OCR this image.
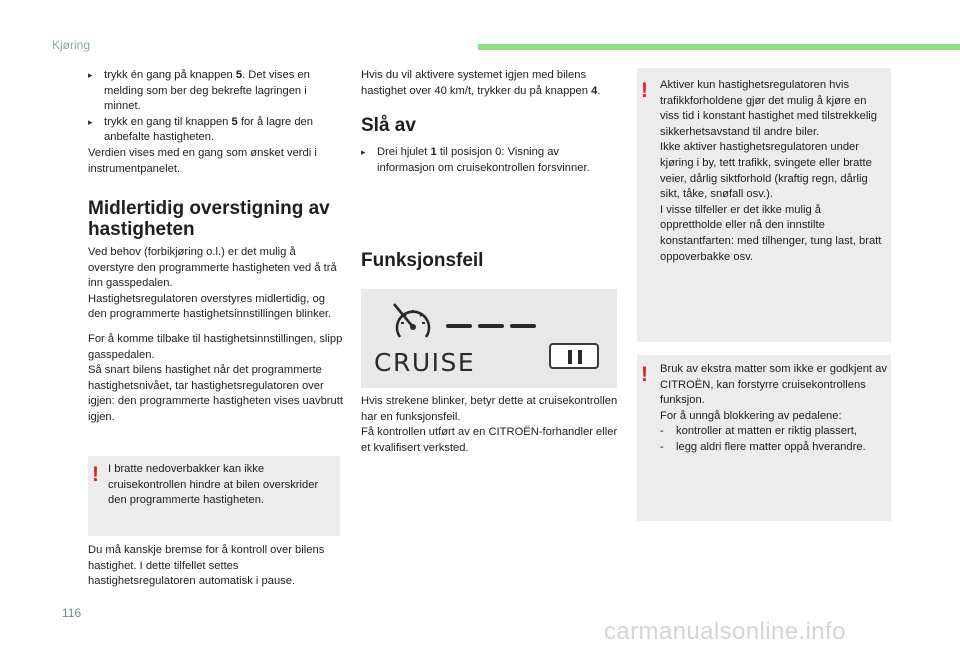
Kjøring
116
carmanualsonline.info
▸	trykk én gang på knappen 5. Det vises en melding som ber deg bekrefte lagringen i minnet.
▸	trykk en gang til knappen 5 for å lagre den anbefalte hastigheten.

Verdien vises med en gang som ønsket verdi i instrumentpanelet.

Midlertidig overstigning av hastigheten

Ved behov (forbikjøring o.l.) er det mulig å overstyre den programmerte hastigheten ved å trå inn gasspedalen.

Hastighetsregulatoren overstyres midlertidig, og den programmerte hastighetsinnstillingen blinker.

For å komme tilbake til hastighetsinnstillingen, slipp gasspedalen.

Så snart bilens hastighet når det programmerte hastighetsnivået, tar hastighetsregulatoren over igjen: den programmerte hastigheten vises uavbrutt igjen.

! I bratte nedoverbakker kan ikke cruisekontrollen hindre at bilen overskrider den programmerte hastigheten.
Du må kanskje bremse for å kontroll over bilens hastighet. I dette tilfellet settes hastighetsregulatoren automatisk i pause.
Hvis du vil aktivere systemet igjen med bilens hastighet over 40 km/t, trykker du på knappen 4.
Slå av
▸	Drei hjulet 1 til posisjon 0: Visning av informasjon om cruisekontrollen forsvinner.
Funksjonsfeil
CRUISE

Hvis strekene blinker, betyr dette at cruisekontrollen har en funksjonsfeil.

Få kontrollen utført av en CITROËN-forhandler eller et kvalifisert verksted.

! Aktiver kun hastighetsregulatoren hvis trafikkforholdene gjør det mulig å kjøre en viss tid i konstant hastighet med tilstrekkelig sikkerhetsavstand til andre biler.

Ikke aktiver hastighetsregulatoren under kjøring i by, tett trafikk, svingete eller bratte veier, dårlig siktforhold (kraftig regn, dårlig sikt, tåke, snøfall osv.).

I visse tilfeller er det ikke mulig å opprettholde eller nå den innstilte konstantfarten: med tilhenger, tung last, bratt oppoverbakke osv.

! Bruk av ekstra matter som ikke er godkjent av CITROËN, kan forstyrre cruisekontrollens funksjon.

For å unngå blokkering av pedalene:

-	kontroller at matten er riktig plassert,
-	legg aldri flere matter oppå hverandre.
